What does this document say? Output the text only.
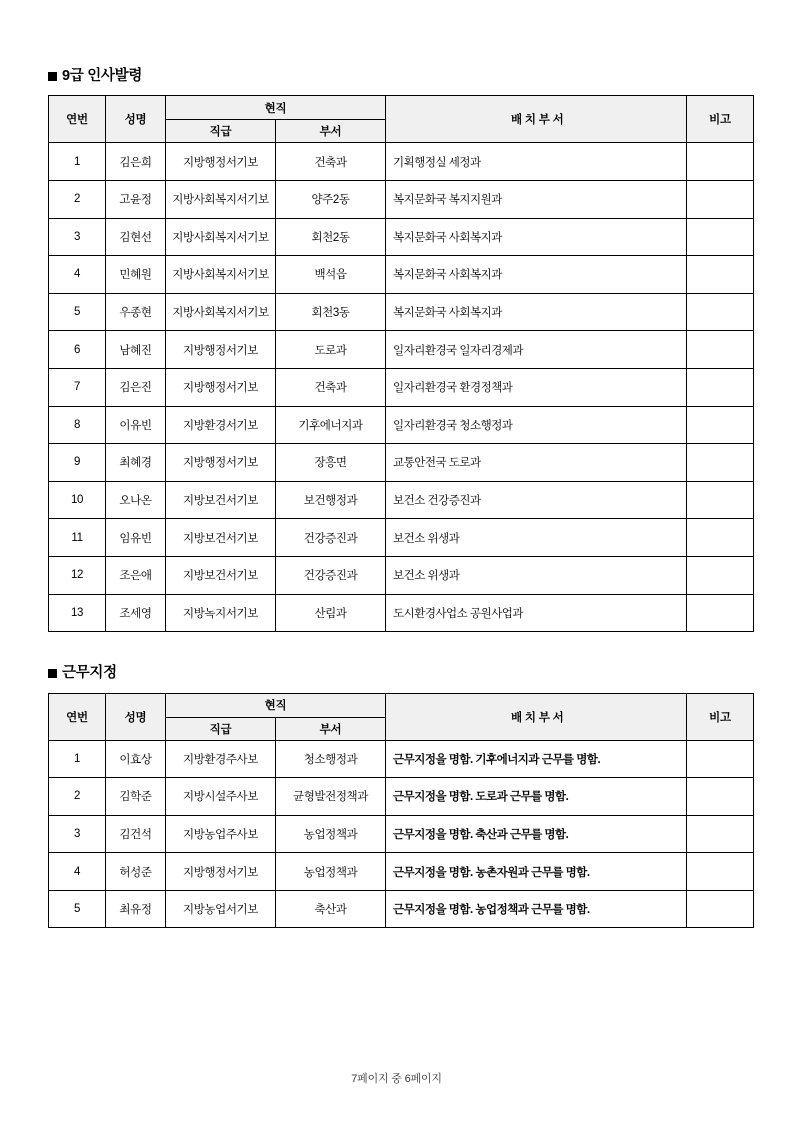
9급 인사발령
연번	성명	현직		배 치 부 서	비고
		직급	부서		
1	김은희	지방행정서기보	건축과	기획행정실 세정과	
2	고윤정	지방사회복지서기보	양주2동	복지문화국 복지지원과	
3	김현선	지방사회복지서기보	회천2동	복지문화국 사회복지과	
4	민혜원	지방사회복지서기보	백석읍	복지문화국 사회복지과	
5	우종현	지방사회복지서기보	회천3동	복지문화국 사회복지과	
6	남혜진	지방행정서기보	도로과	일자리환경국 일자리경제과	
7	김은진	지방행정서기보	건축과	일자리환경국 환경정책과	
8	이유빈	지방환경서기보	기후에너지과	일자리환경국 청소행정과	
9	최혜경	지방행정서기보	장흥면	교통안전국 도로과	
10	오나온	지방보건서기보	보건행정과	보건소 건강증진과	
11	임유빈	지방보건서기보	건강증진과	보건소 위생과	
12	조은애	지방보건서기보	건강증진과	보건소 위생과	
13	조세영	지방녹지서기보	산림과	도시환경사업소 공원사업과	
근무지정
연번	성명	현직		배 치 부 서	비고
		직급	부서		
1	이효상	지방환경주사보	청소행정과	근무지정을 명함. 기후에너지과 근무를 명함.	
2	김학준	지방시설주사보	균형발전정책과	근무지정을 명함. 도로과 근무를 명함.	
3	김건석	지방농업주사보	농업정책과	근무지정을 명함. 축산과 근무를 명함.	
4	허성준	지방행정서기보	농업정책과	근무지정을 명함. 농촌자원과 근무를 명함.	
5	최유정	지방농업서기보	축산과	근무지정을 명함. 농업정책과 근무를 명함.	
7페이지 중 6페이지
